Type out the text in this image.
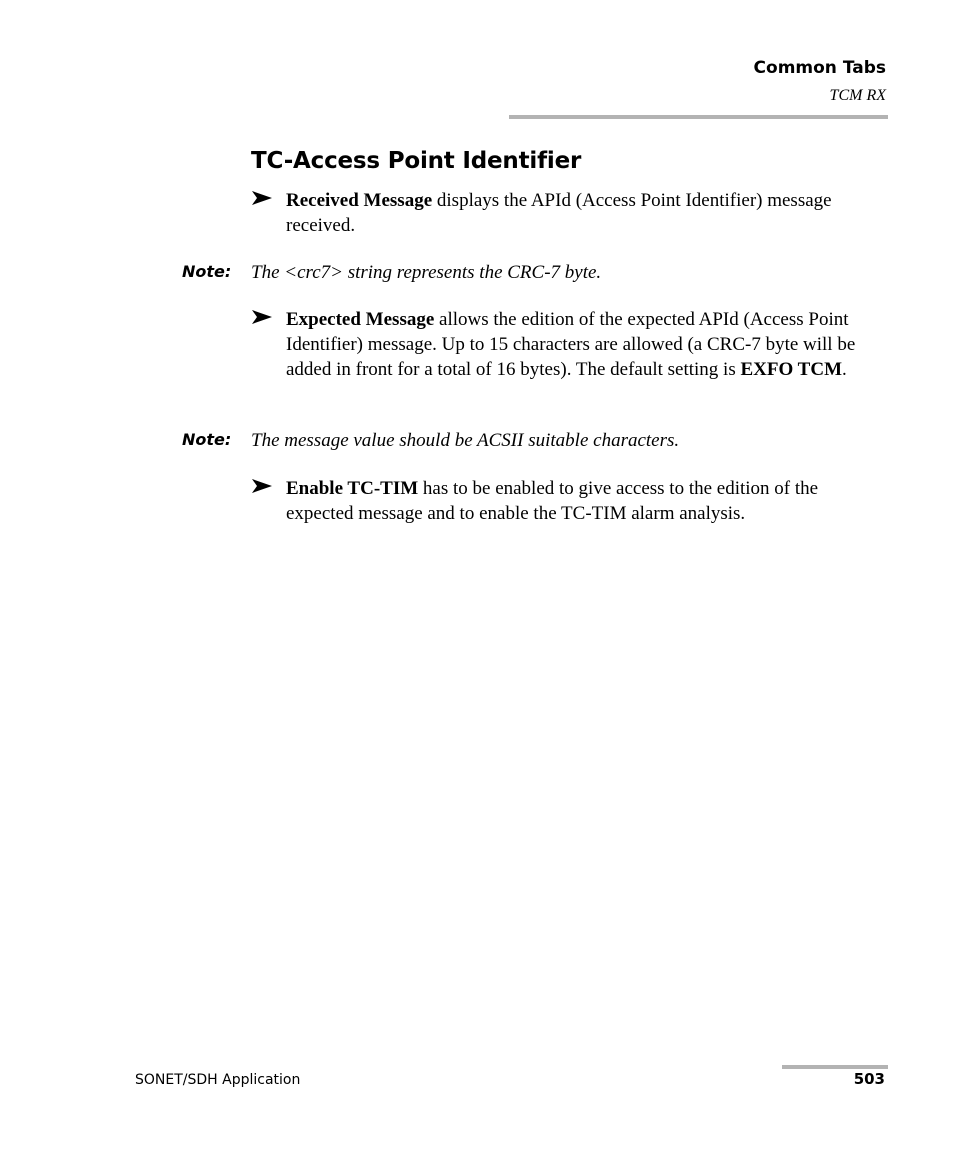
Common Tabs
TCM RX
TC-Access Point Identifier
Received Message displays the APId (Access Point Identifier) message received.
Note: The <crc7> string represents the CRC-7 byte.
Expected Message allows the edition of the expected APId (Access Point Identifier) message. Up to 15 characters are allowed (a CRC-7 byte will be added in front for a total of 16 bytes). The default setting is EXFO TCM.
Note: The message value should be ACSII suitable characters.
Enable TC-TIM has to be enabled to give access to the edition of the expected message and to enable the TC-TIM alarm analysis.
SONET/SDH Application	503
